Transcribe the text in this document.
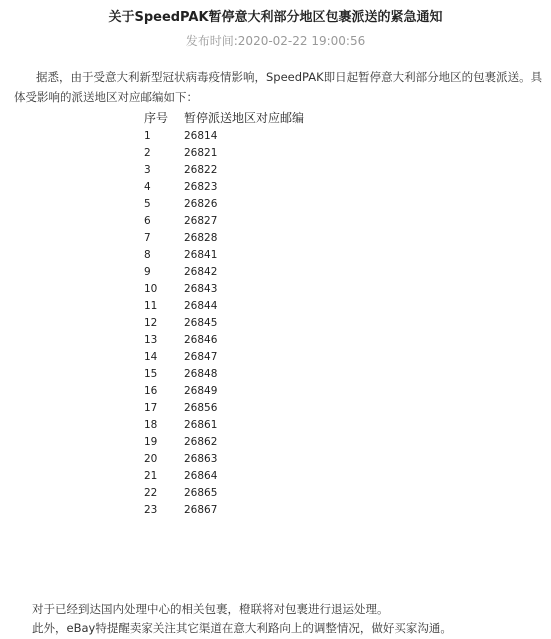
关于SpeedPAK暂停意大利部分地区包裹派送的紧急通知
发布时间:2020-02-22 19:00:56
据悉，由于受意大利新型冠状病毒疫情影响，SpeedPAK即日起暂停意大利部分地区的包裹派送。具体受影响的派送地区对应邮编如下：
序号	暂停派送地区对应邮编
1	26814
2	26821
3	26822
4	26823
5	26826
6	26827
7	26828
8	26841
9	26842
10	26843
11	26844
12	26845
13	26846
14	26847
15	26848
16	26849
17	26856
18	26861
19	26862
20	26863
21	26864
22	26865
23	26867

对于已经到达国内处理中心的相关包裹，橙联将对包裹进行退运处理。

此外，eBay特提醒卖家关注其它渠道在意大利路向上的调整情况，做好买家沟通。
